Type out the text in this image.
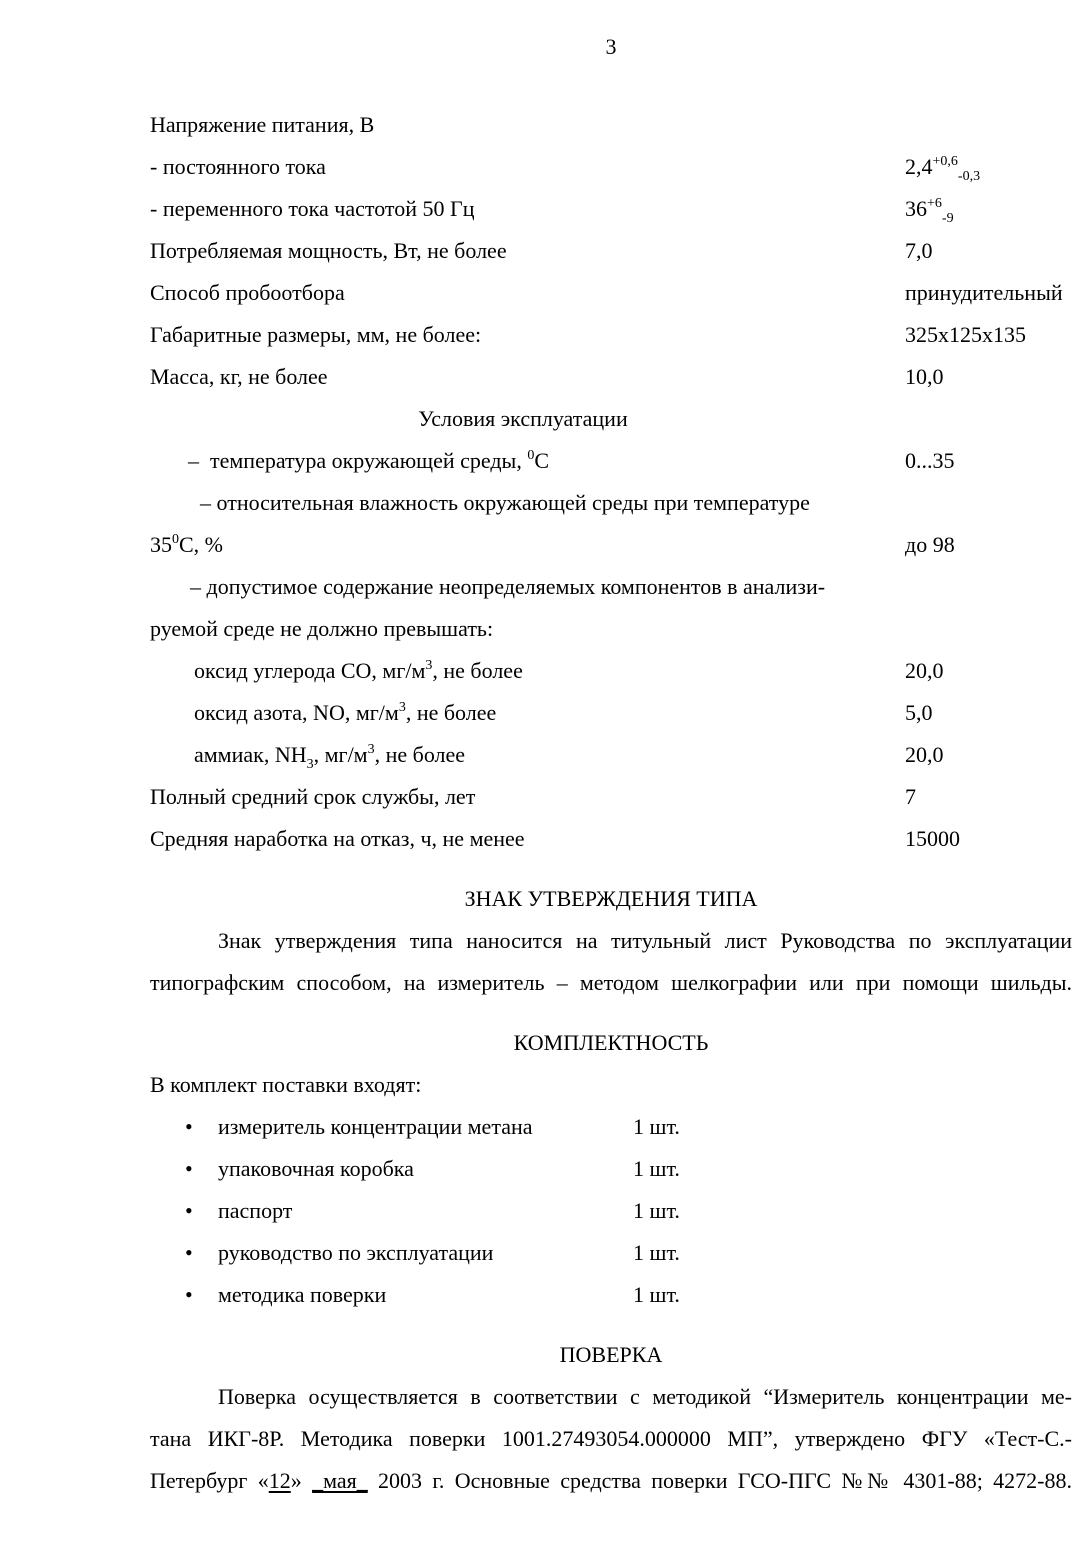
3
Напряжение питания, В
- постоянного тока	$2,4^{+0,6}_{-0,3}$
- переменного тока частотой 50 Гц	$36^{+6}_{-9}$
Потребляемая мощность, Вт, не более	7,0
Способ пробоотбора	принудительный
Габаритные размеры, мм, не более:	325x125x135
Масса, кг, не более	10,0
Условия эксплуатации
–  температура окружающей среды, $^0$С	0...35
– относительная влажность окружающей среды при температуре
$35^0С$, %	до 98
– допустимое содержание неопределяемых компонентов в анализи-
руемой среде не должно превышать:
оксид углерода СО, $мг/м^3$, не более	20,0
оксид азота, NO, $мг/м^3$, не более	5,0
аммиак, $NH_3$, $мг/м^3$, не более	20,0
Полный средний срок службы, лет	7
Средняя наработка на отказ, ч, не менее	15000
ЗНАК УТВЕРЖДЕНИЯ ТИПА
Знак утверждения типа наносится на титульный лист Руководства по эксплуатации
типографским способом, на измеритель – методом шелкографии или при помощи шильды.
КОМПЛЕКТНОСТЬ
В комплект поставки входят:
•	измеритель концентрации метана	1 шт.
•	упаковочная коробка	1 шт.
•	паспорт	1 шт.
•	руководство по эксплуатации	1 шт.
•	методика поверки	1 шт.
ПОВЕРКА
Поверка осуществляется в соответствии с методикой “Измеритель концентрации ме-
тана ИКГ-8Р. Методика поверки 1001.27493054.000000 МП”, утверждено ФГУ «Тест-С.-
Петербург «12» _мая_ 2003 г. Основные средства поверки ГСО-ПГС №№ 4301-88; 4272-88.
